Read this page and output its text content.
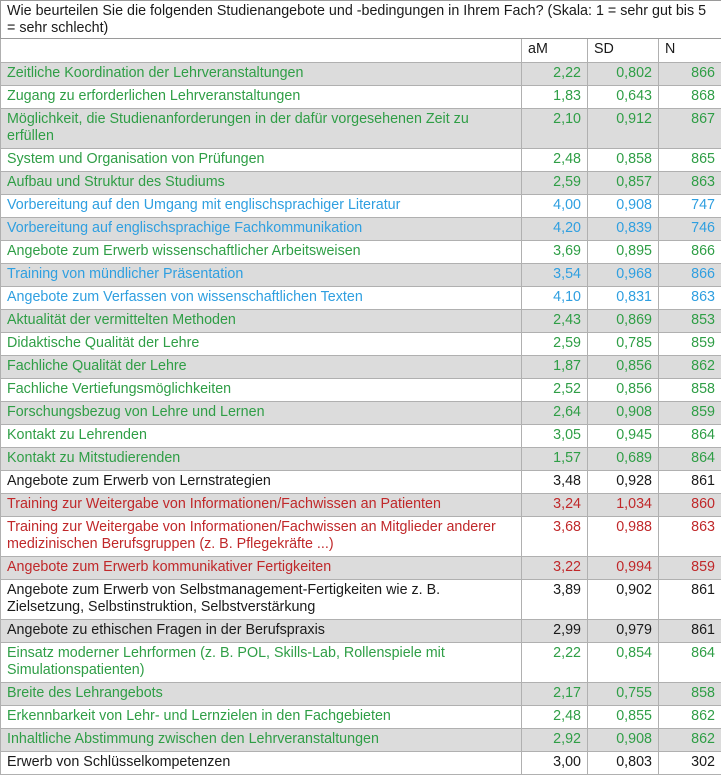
Wie beurteilen Sie die folgenden Studienangebote und -bedingungen in Ihrem Fach? (Skala: 1 = sehr gut bis 5 = sehr schlecht)			
	aM	SD	N
Zeitliche Koordination der Lehrveranstaltungen	2,22	0,802	866
Zugang zu erforderlichen Lehrveranstaltungen	1,83	0,643	868
Möglichkeit, die Studienanforderungen in der dafür vorgesehenen Zeit zu erfüllen	2,10	0,912	867
System und Organisation von Prüfungen	2,48	0,858	865
Aufbau und Struktur des Studiums	2,59	0,857	863
Vorbereitung auf den Umgang mit englischsprachiger Literatur	4,00	0,908	747
Vorbereitung auf englischsprachige Fachkommunikation	4,20	0,839	746
Angebote zum Erwerb wissenschaftlicher Arbeitsweisen	3,69	0,895	866
Training von mündlicher Präsentation	3,54	0,968	866
Angebote zum Verfassen von wissenschaftlichen Texten	4,10	0,831	863
Aktualität der vermittelten Methoden	2,43	0,869	853
Didaktische Qualität der Lehre	2,59	0,785	859
Fachliche Qualität der Lehre	1,87	0,856	862
Fachliche Vertiefungsmöglichkeiten	2,52	0,856	858
Forschungsbezug von Lehre und Lernen	2,64	0,908	859
Kontakt zu Lehrenden	3,05	0,945	864
Kontakt zu Mitstudierenden	1,57	0,689	864
Angebote zum Erwerb von Lernstrategien	3,48	0,928	861
Training zur Weitergabe von Informationen/Fachwissen an Patienten	3,24	1,034	860
Training zur Weitergabe von Informationen/Fachwissen an Mitglieder anderer medizinischen Berufsgruppen (z. B. Pflegekräfte ...)	3,68	0,988	863
Angebote zum Erwerb kommunikativer Fertigkeiten	3,22	0,994	859
Angebote zum Erwerb von Selbstmanagement-Fertigkeiten wie z. B. Zielsetzung, Selbstinstruktion, Selbstverstärkung	3,89	0,902	861
Angebote zu ethischen Fragen in der Berufspraxis	2,99	0,979	861
Einsatz moderner Lehrformen (z. B. POL, Skills-Lab, Rollenspiele mit Simulationspatienten)	2,22	0,854	864
Breite des Lehrangebots	2,17	0,755	858
Erkennbarkeit von Lehr- und Lernzielen in den Fachgebieten	2,48	0,855	862
Inhaltliche Abstimmung zwischen den Lehrveranstaltungen	2,92	0,908	862
Erwerb von Schlüsselkompetenzen	3,00	0,803	302
